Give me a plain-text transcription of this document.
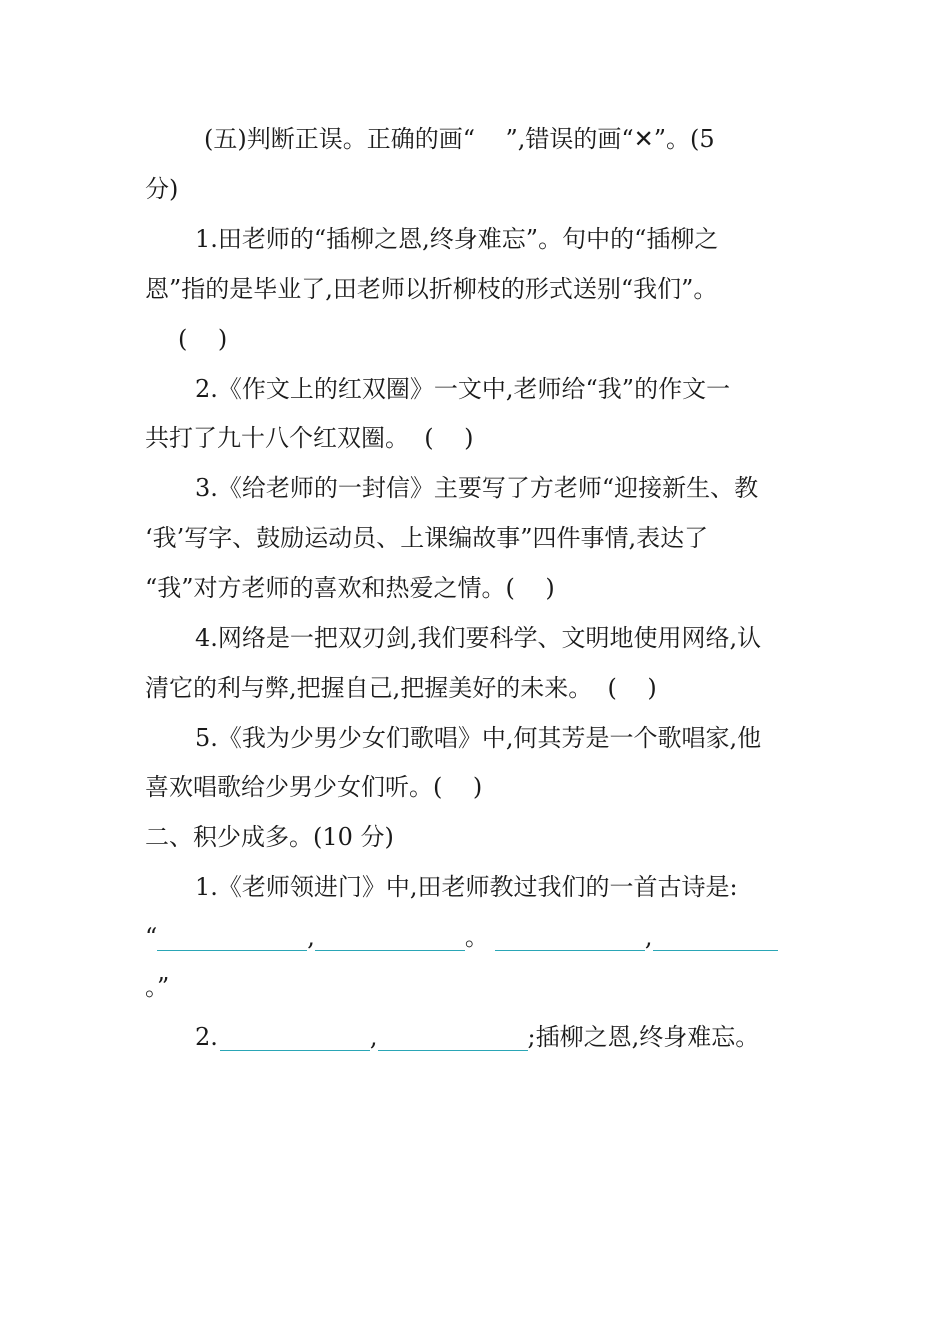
(五)判断正误。正确的画“ ”,错误的画“✕”。(5
分)
1.田老师的“插柳之恩,终身难忘”。句中的“插柳之
恩”指的是毕业了,田老师以折柳枝的形式送别“我们”。
(    )
2.《作文上的红双圈》一文中,老师给“我”的作文一
共打了九十八个红双圈。  (    )
3.《给老师的一封信》主要写了方老师“迎接新生、教
‘我’写字、鼓励运动员、上课编故事”四件事情,表达了
“我”对方老师的喜欢和热爱之情。(    )
4.网络是一把双刃剑,我们要科学、文明地使用网络,认
清它的利与弊,把握自己,把握美好的未来。  (    )
5.《我为少男少女们歌唱》中,何其芳是一个歌唱家,他
喜欢唱歌给少男少女们听。(    )
二、积少成多。(10 分)
1.《老师领进门》中,田老师教过我们的一首古诗是:
“	,	。	,
。”
2.	,	;插柳之恩,终身难忘。
